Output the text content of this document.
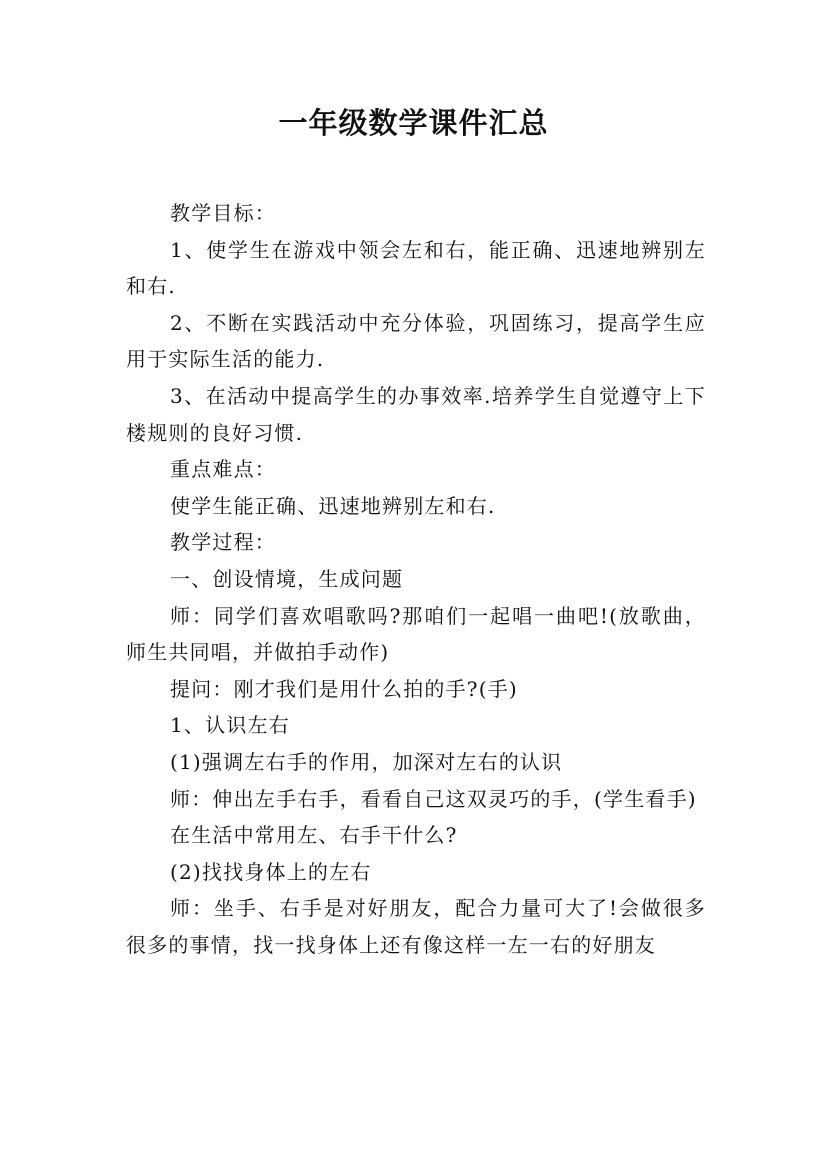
一年级数学课件汇总

教学目标：

1、使学生在游戏中领会左和右，能正确、迅速地辨别左和右.

2、不断在实践活动中充分体验，巩固练习，提高学生应用于实际生活的能力.

3、在活动中提高学生的办事效率.培养学生自觉遵守上下楼规则的良好习惯.

重点难点：

使学生能正确、迅速地辨别左和右.

教学过程：

一、创设情境，生成问题

师：同学们喜欢唱歌吗?那咱们一起唱一曲吧!(放歌曲，师生共同唱，并做拍手动作)

提问：刚才我们是用什么拍的手?(手)

1、认识左右

(1)强调左右手的作用，加深对左右的认识

师：伸出左手右手，看看自己这双灵巧的手，(学生看手)

在生活中常用左、右手干什么?

(2)找找身体上的左右

师：坐手、右手是对好朋友，配合力量可大了!会做很多很多的事情，找一找身体上还有像这样一左一右的好朋友
